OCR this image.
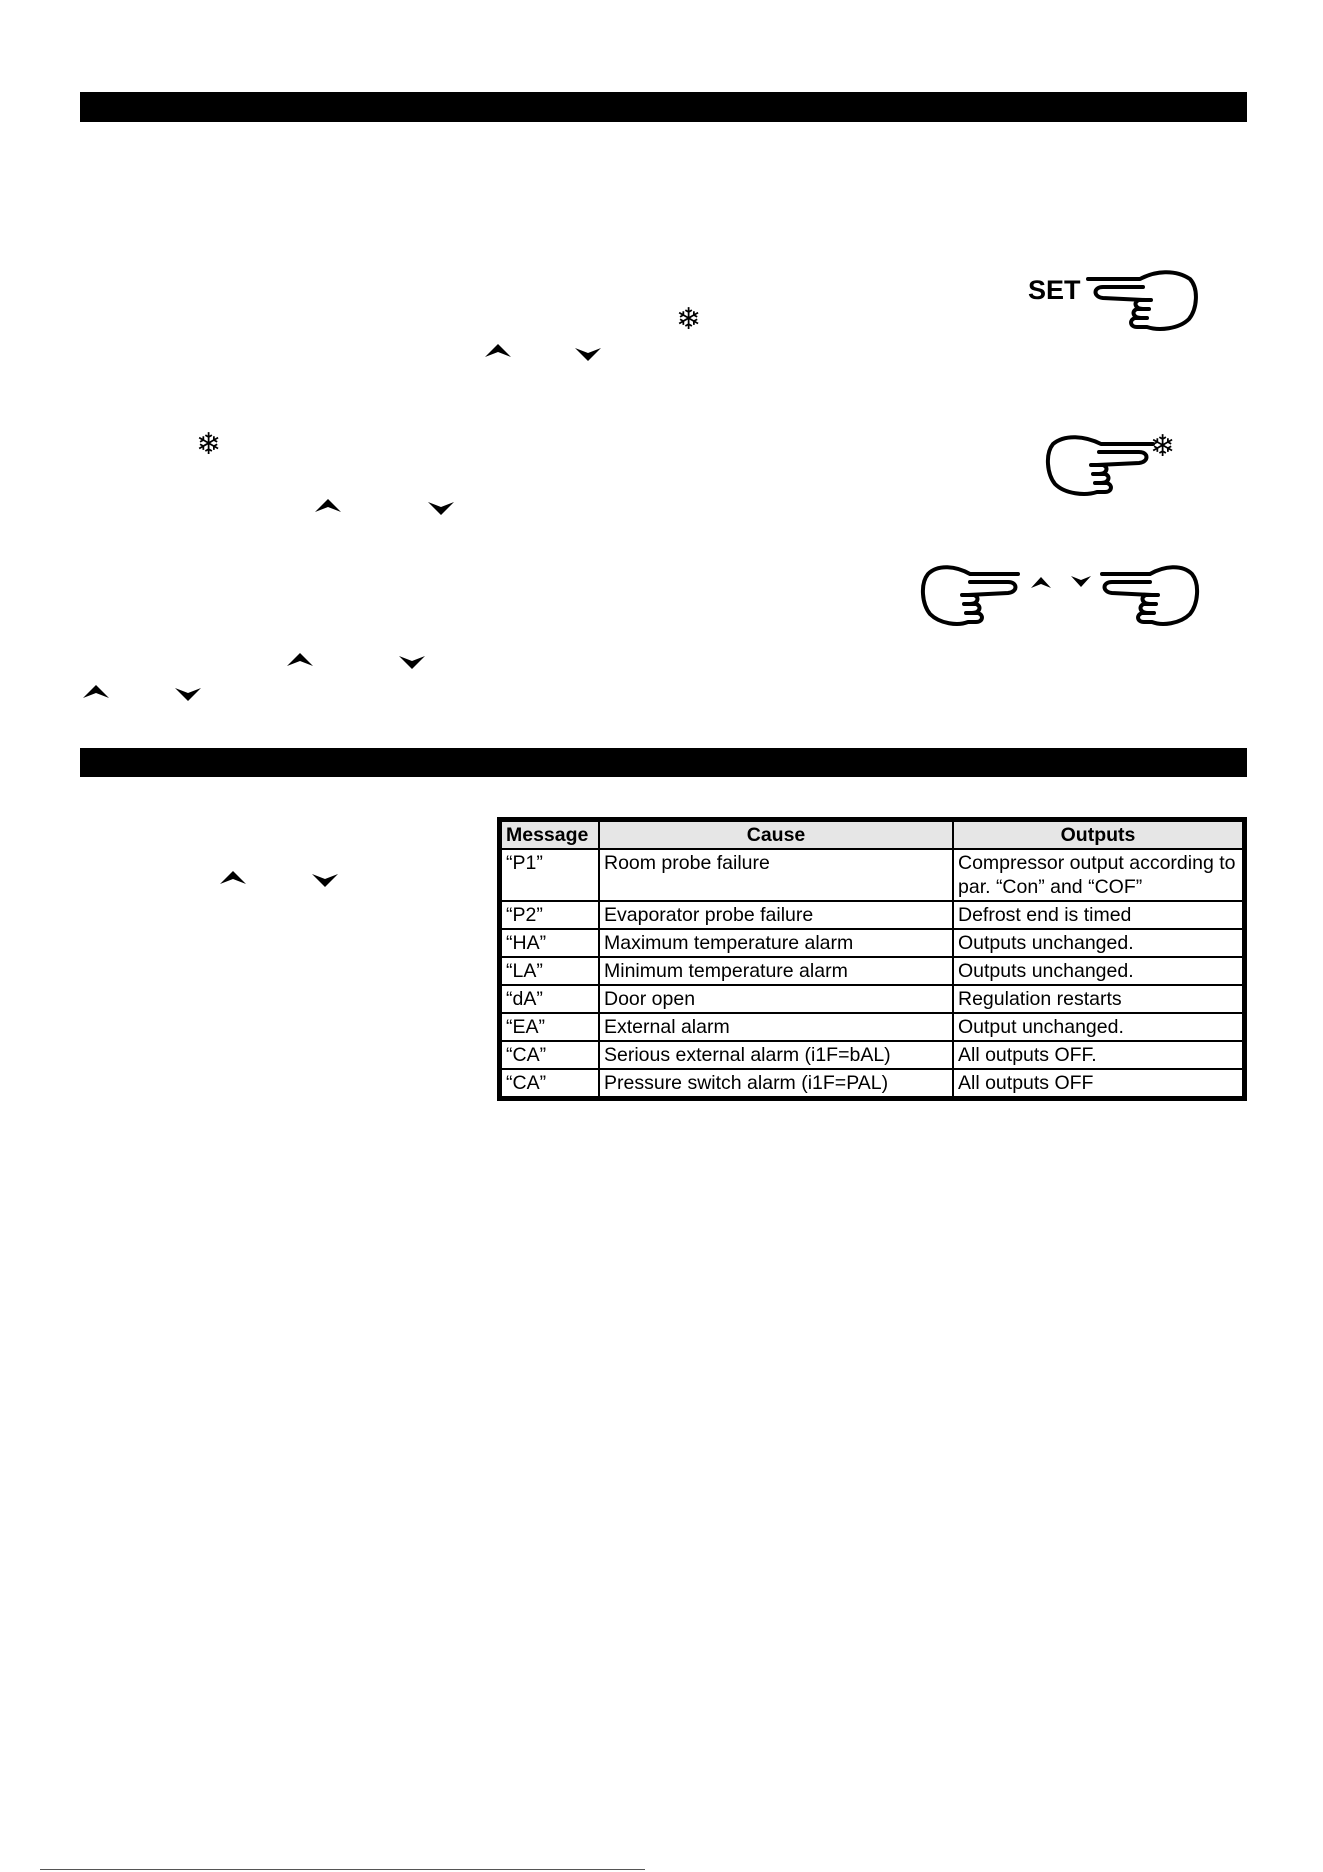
SET
❄
❄	❄
Message	Cause	Outputs
“P1”	Room probe failure	Compressor output according to par. “Con” and “COF”
“P2”	Evaporator probe failure	Defrost end is timed
“HA”	Maximum temperature alarm	Outputs unchanged.
“LA”	Minimum temperature alarm	Outputs unchanged.
“dA”	Door open	Regulation restarts
“EA”	External alarm	Output unchanged.
“CA”	Serious external alarm (i1F=bAL)	All outputs OFF.
“CA”	Pressure switch alarm (i1F=PAL)	All outputs OFF
